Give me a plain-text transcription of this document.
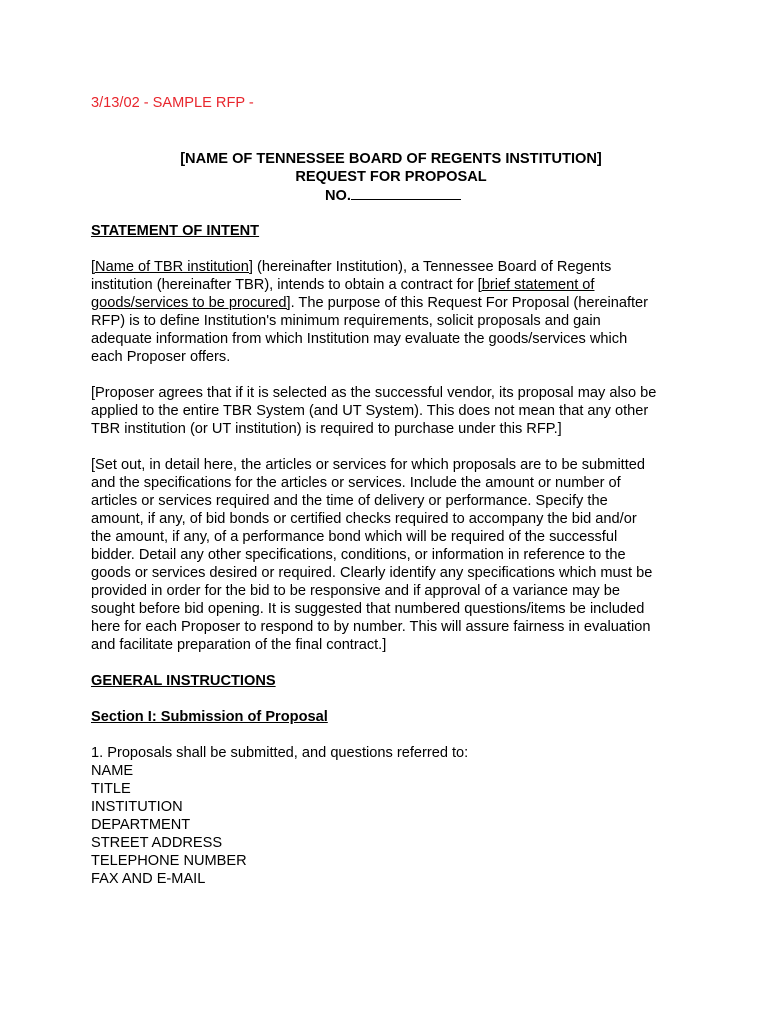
3/13/02 - SAMPLE RFP -

[NAME OF TENNESSEE BOARD OF REGENTS INSTITUTION]

REQUEST FOR PROPOSAL

NO.

STATEMENT OF INTENT

[Name of TBR institution] (hereinafter Institution), a Tennessee Board of Regents
institution (hereinafter TBR), intends to obtain a contract for [brief statement of
goods/services to be procured]. The purpose of this Request For Proposal (hereinafter
RFP) is to define Institution's minimum requirements, solicit proposals and gain
adequate information from which Institution may evaluate the goods/services which
each Proposer offers.
[Proposer agrees that if it is selected as the successful vendor, its proposal may also be
applied to the entire TBR System (and UT System). This does not mean that any other
TBR institution (or UT institution) is required to purchase under this RFP.]
[Set out, in detail here, the articles or services for which proposals are to be submitted
and the specifications for the articles or services. Include the amount or number of
articles or services required and the time of delivery or performance. Specify the
amount, if any, of bid bonds or certified checks required to accompany the bid and/or
the amount, if any, of a performance bond which will be required of the successful
bidder. Detail any other specifications, conditions, or information in reference to the
goods or services desired or required. Clearly identify any specifications which must be
provided in order for the bid to be responsive and if approval of a variance may be
sought before bid opening. It is suggested that numbered questions/items be included
here for each Proposer to respond to by number. This will assure fairness in evaluation
and facilitate preparation of the final contract.]

GENERAL INSTRUCTIONS

Section I: Submission of Proposal

1. Proposals shall be submitted, and questions referred to:

NAME
TITLE
INSTITUTION
DEPARTMENT
STREET ADDRESS
TELEPHONE NUMBER
FAX AND E-MAIL
